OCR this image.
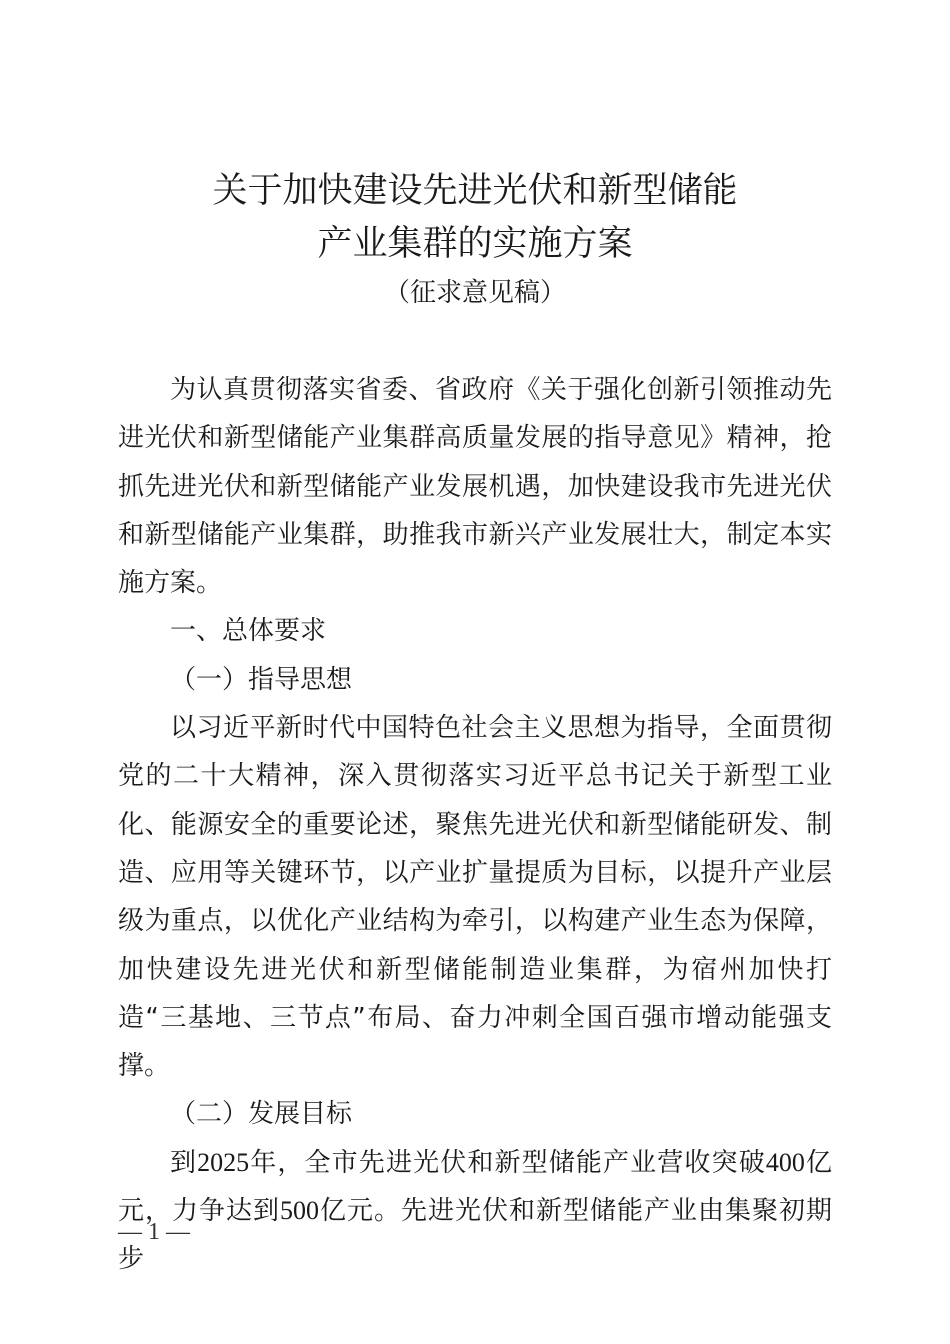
关于加快建设先进光伏和新型储能
产业集群的实施方案
（征求意见稿）

为认真贯彻落实省委、省政府《关于强化创新引领推动先进光伏和新型储能产业集群高质量发展的指导意见》精神，抢抓先进光伏和新型储能产业发展机遇，加快建设我市先进光伏和新型储能产业集群，助推我市新兴产业发展壮大，制定本实施方案。

一、总体要求

（一）指导思想

以习近平新时代中国特色社会主义思想为指导，全面贯彻党的二十大精神，深入贯彻落实习近平总书记关于新型工业化、能源安全的重要论述，聚焦先进光伏和新型储能研发、制造、应用等关键环节，以产业扩量提质为目标，以提升产业层级为重点，以优化产业结构为牵引，以构建产业生态为保障，加快建设先进光伏和新型储能制造业集群，为宿州加快打造“三基地、三节点”布局、奋力冲刺全国百强市增动能强支撑。

（二）发展目标

到2025年，全市先进光伏和新型储能产业营收突破400亿元，力争达到500亿元。先进光伏和新型储能产业由集聚初期步

— 1 —
